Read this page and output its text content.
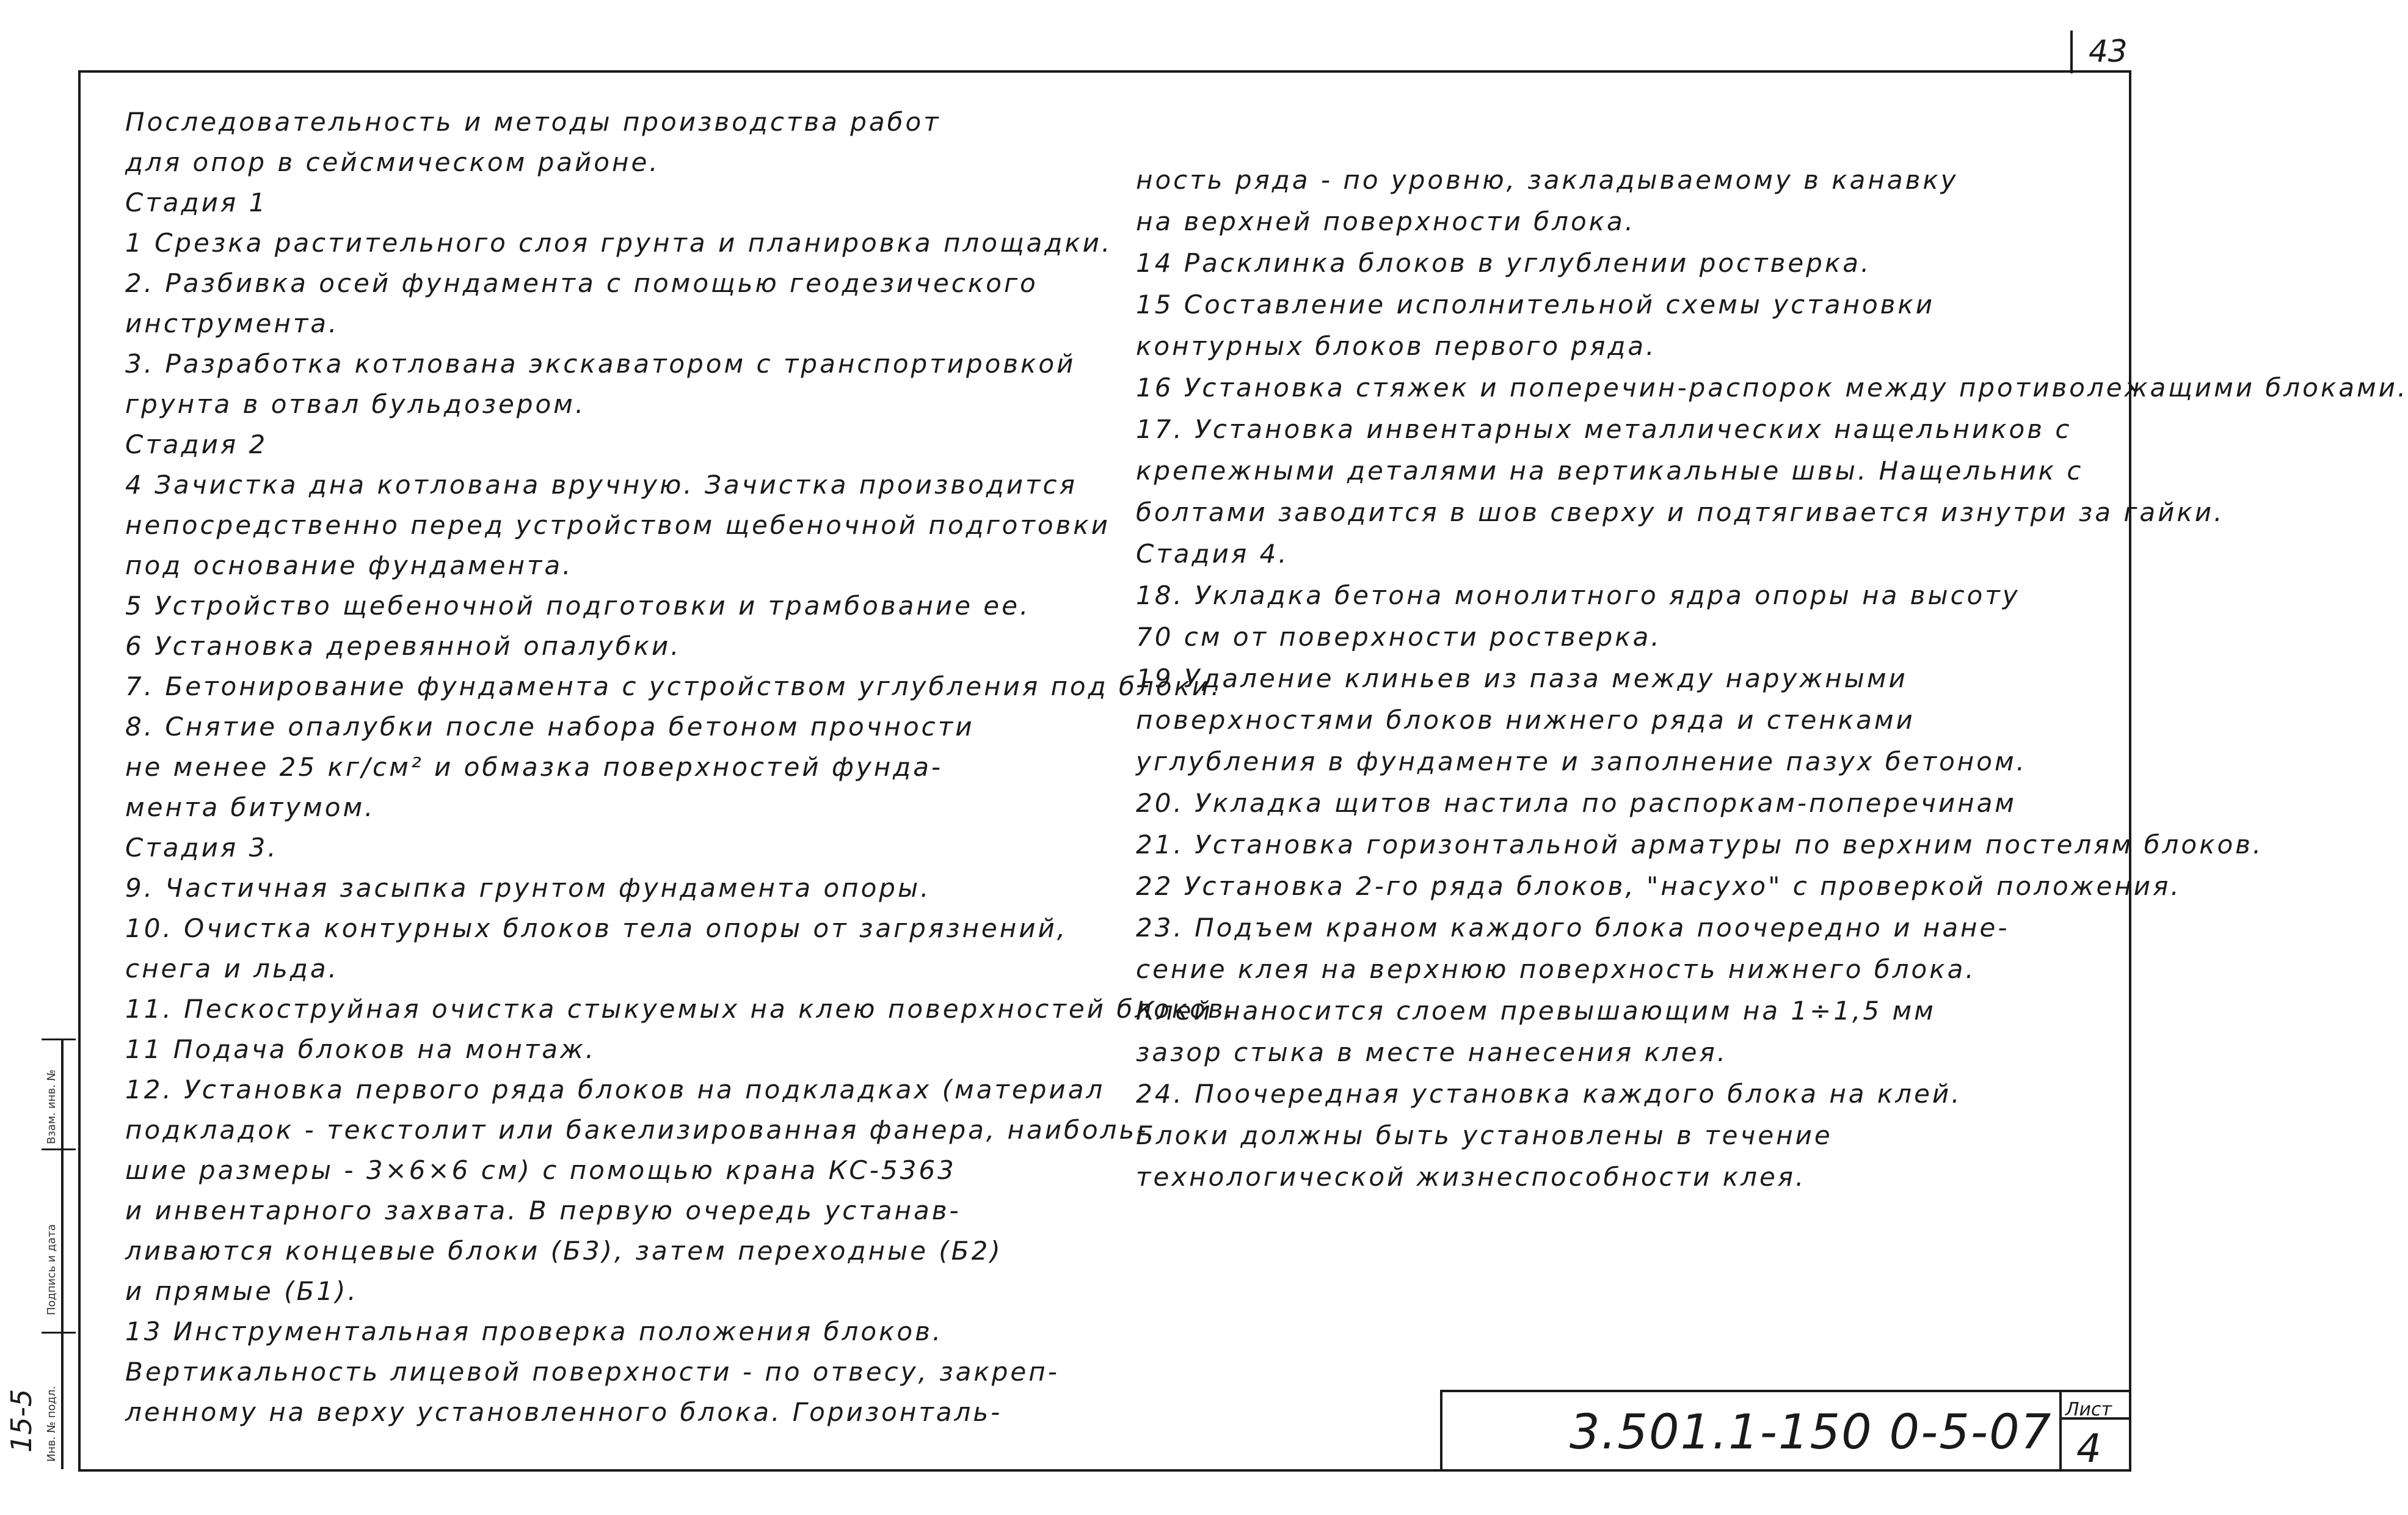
43
Последовательность и методы производства работ
для опор в сейсмическом районе.
Стадия 1
1 Срезка растительного слоя грунта и планировка площадки.
2. Разбивка осей фундамента с помощью геодезического
инструмента.
3. Разработка котлована экскаватором с транспортировкой
грунта в отвал бульдозером.
Стадия 2
4 Зачистка дна котлована вручную. Зачистка производится
непосредственно перед устройством щебеночной подготовки
под основание фундамента.
5 Устройство щебеночной подготовки и трамбование ее.
6 Установка деревянной опалубки.
7. Бетонирование фундамента с устройством углубления под блоки.
8. Снятие опалубки после набора бетоном прочности
не менее 25 кг/см² и обмазка поверхностей фунда-
мента битумом.
Стадия 3.
9. Частичная засыпка грунтом фундамента опоры.
10. Очистка контурных блоков тела опоры от загрязнений,
снега и льда.
11. Пескоструйная очистка стыкуемых на клею поверхностей блоков.
11 Подача блоков на монтаж.
12. Установка первого ряда блоков на подкладках (материал
подкладок - текстолит или бакелизированная фанера, наиболь-
шие размеры - 3×6×6 см) с помощью крана КС-5363
и инвентарного захвата. В первую очередь устанав-
ливаются концевые блоки (Б3), затем переходные (Б2)
и прямые (Б1).
13 Инструментальная проверка положения блоков.
Вертикальность лицевой поверхности - по отвесу, закреп-
ленному на верху установленного блока. Горизонталь-
ность ряда - по уровню, закладываемому в канавку
на верхней поверхности блока.
14 Расклинка блоков в углублении ростверка.
15 Составление исполнительной схемы установки
контурных блоков первого ряда.
16 Установка стяжек и поперечин-распорок между противолежащими блоками.
17. Установка инвентарных металлических нащельников с
крепежными деталями на вертикальные швы. Нащельник с
болтами заводится в шов сверху и подтягивается изнутри за гайки.
Стадия 4.
18. Укладка бетона монолитного ядра опоры на высоту
70 см от поверхности ростверка.
19 Удаление клиньев из паза между наружными
поверхностями блоков нижнего ряда и стенками
углубления в фундаменте и заполнение пазух бетоном.
20. Укладка щитов настила по распоркам-поперечинам
21. Установка горизонтальной арматуры по верхним постелям блоков.
22 Установка 2-го ряда блоков, "насухо" с проверкой положения.
23. Подъем краном каждого блока поочередно и нане-
сение клея на верхнюю поверхность нижнего блока.
Клей наносится слоем превышающим на 1÷1,5 мм
зазор стыка в месте нанесения клея.
24. Поочередная установка каждого блока на клей.
Блоки должны быть установлены в течение
технологической жизнеспособности клея.
3.501.1-150 0-5-07 Лист
4
Взам. инв. №
Подпись и дата
Инв. № подл.
15-5
